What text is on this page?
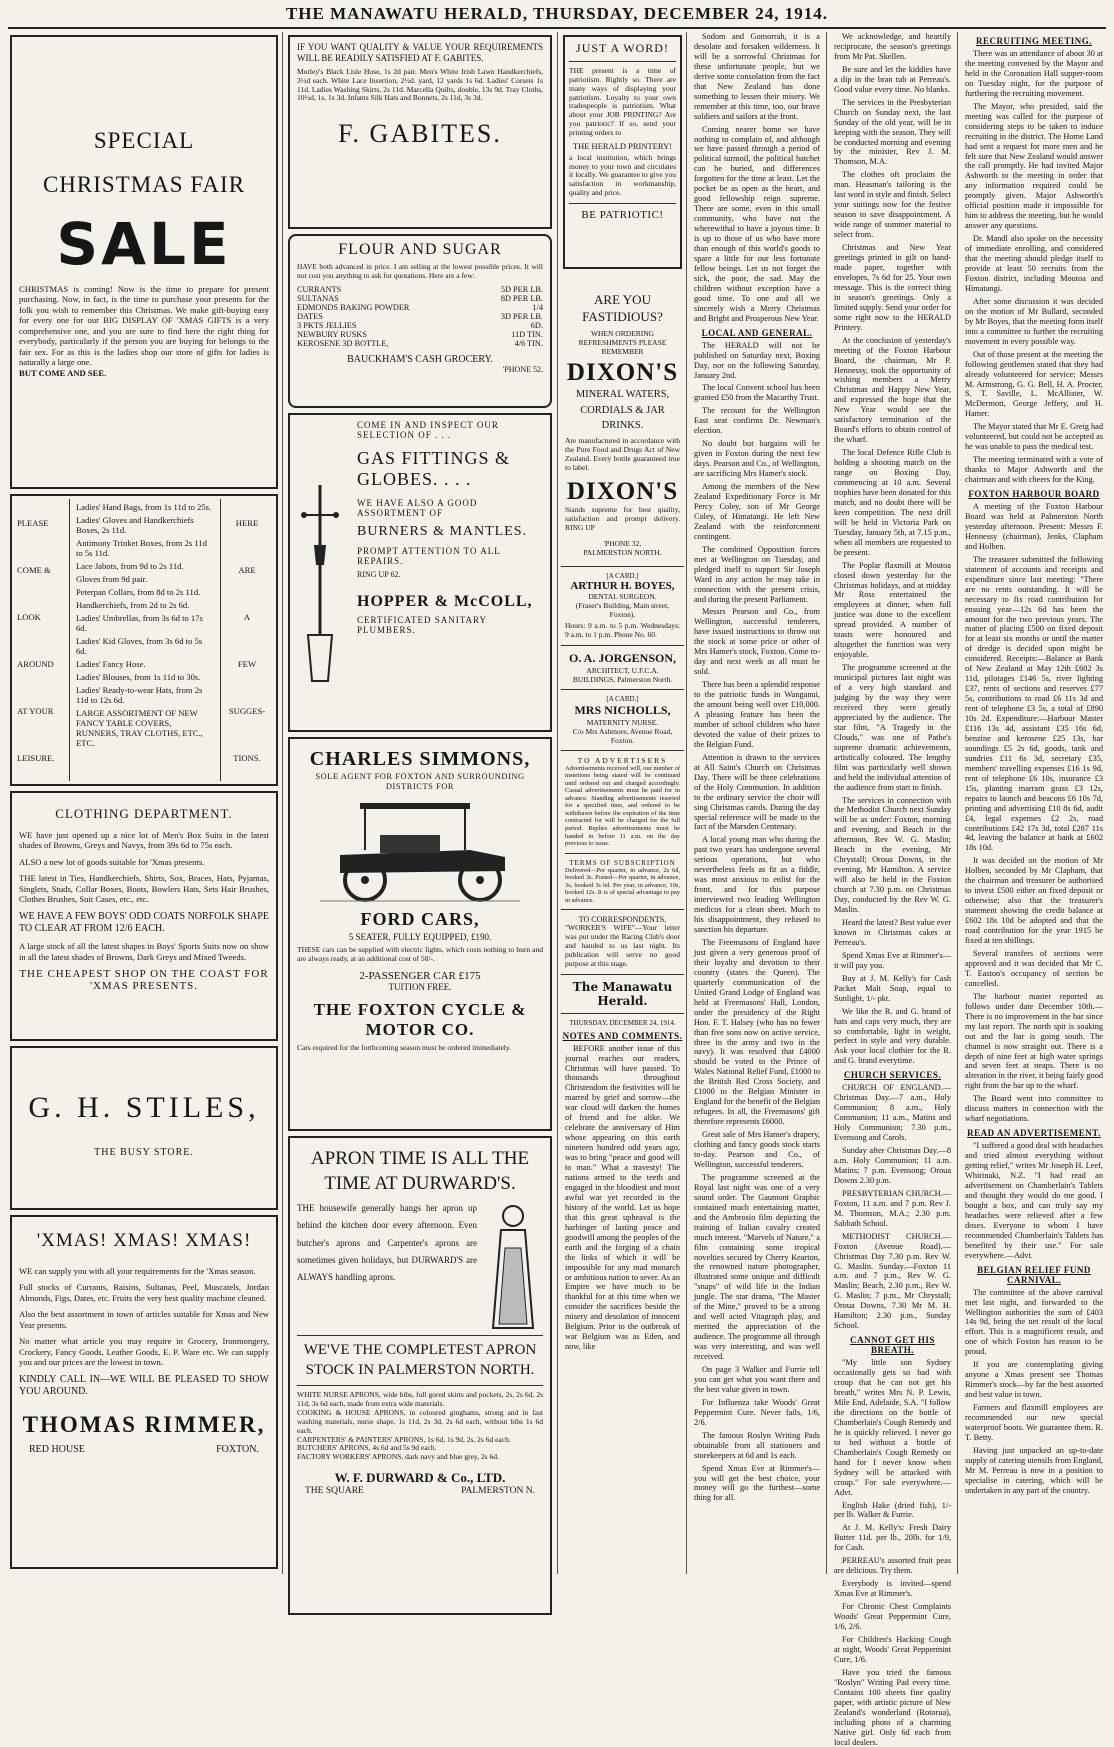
THE MANAWATU HERALD, THURSDAY, DECEMBER 24, 1914.
SPECIAL
CHRISTMAS FAIR
SALE
CHRISTMAS is coming! Now is the time to prepare for present purchasing. Now, in fact, is the time to purchase your presents for the folk you wish to remember this Christmas. We make gift-buying easy for every one for our BIG DISPLAY OF 'XMAS GIFTS is a very comprehensive one, and you are sure to find here the right thing for everybody, particularly if the person you are buying for belongs to the fair sex. For as this is the ladies shop our store of gifts for ladies is naturally a large one.
BUT COME AND SEE.
PLEASE
COME &
LOOK
AROUND
AT YOUR
LEISURE.
Ladies' Hand Bags, from 1s 11d to 25s.
Ladies' Gloves and Handkerchiefs Boxes, 2s 11d.
Antimony Trinket Boxes, from 2s 11d to 5s 11d.
Lace Jabots, from 9d to 2s 11d.
Gloves from 9d pair.
Peterpan Collars, from 8d to 2s 11d.
Handkerchiefs, from 2d to 2s 6d.
Ladies' Umbrellas, from 3s 6d to 17s 6d.
Ladies' Kid Gloves, from 3s 6d to 5s 6d.
Ladies' Fancy Hose.
Ladies' Blouses, from 1s 11d to 30s.
Ladies' Ready-to-wear Hats, from 2s 11d to 12s 6d.
LARGE ASSORTMENT OF NEW FANCY TABLE COVERS, RUNNERS, TRAY CLOTHS, ETC., ETC.
HERE
ARE
A
FEW
SUGGES-
TIONS.
CLOTHING DEPARTMENT.
WE have just opened up a nice lot of Men's Box Suits in the latest shades of Browns, Greys and Navys, from 39s 6d to 75s each.
ALSO a new lot of goods suitable for 'Xmas presents.
THE latest in Ties, Handkerchiefs, Shirts, Sox, Braces, Hats, Pyjamas, Singlets, Studs, Collar Boxes, Boots, Bowlers Hats, Sets Hair Brushes, Clothes Brushes, Suit Cases, etc., etc.
WE HAVE A FEW BOYS' ODD COATS NORFOLK SHAPE TO CLEAR AT FROM 12/6 EACH.
A large stock of all the latest shapes in Boys' Sports Suits now on show in all the latest shades of Browns, Dark Greys and Mixed Tweeds.
THE CHEAPEST SHOP ON THE COAST FOR 'XMAS PRESENTS.
G. H. STILES,
THE BUSY STORE.
'XMAS! XMAS! XMAS!
WE can supply you with all your requirements for the 'Xmas season.
Full stocks of Currants, Raisins, Sultanas, Peel, Muscatels, Jordan Almonds, Figs, Dates, etc. Fruits the very best quality machine cleaned.
Also the best assortment in town of articles suitable for Xmas and New Year presents.
No matter what article you may require in Grocery, Ironmongery, Crockery, Fancy Goods, Leather Goods, E. P. Ware etc. We can supply you and our prices are the lowest in town.
KINDLY CALL IN—WE WILL BE PLEASED TO SHOW YOU AROUND.
THOMAS RIMMER,
RED HOUSE	FOXTON.
IF YOU WANT QUALITY & VALUE YOUR REQUIREMENTS WILL BE READILY SATISFIED AT F. GABITES.
Morley's Black Lisle Hose, 1s 2d pair. Men's White Irish Lawn Handkerchiefs, 3½d each. White Lace Insertion, 2½d. yard, 12 yards 1s 6d. Ladies' Corsets 1s 11d. Ladies Washing Skirts, 2s 11d. Marcella Quilts, double, 13s 9d. Tray Cloths, 10½d, 1s, 1s 3d. Infants Silk Hats and Bonnets, 2s 11d, 3s 3d.
F. GABITES.
FLOUR AND SUGAR
HAVE both advanced in price. I am selling at the lowest possible prices. It will not cost you anything to ask for quotations. Here are a few:
CURRANTS	5D PER LB.
SULTANAS	8D PER LB.
EDMONDS BAKING POWDER	1/4
DATES	3D PER LB.
3 PKTS JELLIES	6D.
NEWBURY RUSKS	11D TIN.
KEROSENE 3D BOTTLE,	4/6 TIN.
BAUCKHAM'S CASH GROCERY.
'PHONE 52.
COME IN AND INSPECT OUR SELECTION OF . . .
GAS FITTINGS & GLOBES. . . .
WE HAVE ALSO A GOOD ASSORTMENT OF
BURNERS & MANTLES.
PROMPT ATTENTION TO ALL REPAIRS.
RING UP 62.
HOPPER & McCOLL,
CERTIFICATED SANITARY PLUMBERS.
CHARLES SIMMONS,
SOLE AGENT FOR FOXTON AND SURROUNDING DISTRICTS FOR
FORD CARS,
5 SEATER, FULLY EQUIPPED, £190.
THESE cars can be supplied with electric lights, which costs nothing to burn and are always ready, at an additional cost of 50/-.
2-PASSENGER CAR £175
TUITION FREE.
THE FOXTON CYCLE & MOTOR CO.
Cars required for the forthcoming season must be ordered immediately.
APRON TIME IS ALL THE TIME AT DURWARD'S.
THE housewife generally hangs her apron up behind the kitchen door every afternoon. Even butcher's aprons and Carpenter's aprons are sometimes given holidays, but DURWARD'S are ALWAYS handling aprons.
WE'VE THE COMPLETEST APRON STOCK IN PALMERSTON NORTH.
WHITE NURSE APRONS, wide bibs, full gored skirts and pockets, 2s, 2s 6d, 2s 11d, 3s 6d each, made from extra wide materials.
COOKING & HOUSE APRONS, in coloured ginghams, strong and in fast washing materials, nurse shape, 1s 11d, 2s 3d, 2s 6d each, without bibs 1s 6d each.
CARPENTERS' & PAINTERS' APRONS, 1s 6d, 1s 9d, 2s, 2s 6d each.
BUTCHERS' APRONS, 4s 6d and 5s 9d each.
FACTORY WORKERS' APRONS, dark navy and blue grey, 2s 6d.
W. F. DURWARD & Co., LTD.
THE SQUARE	PALMERSTON N.
JUST A WORD!
THE present is a time of patriotism. Rightly so. There are many ways of displaying your patriotism. Loyalty to your own tradespeople is patriotism. What about your JOB PRINTING? Are you patriotic? If so, send your printing orders to
THE HERALD PRINTERY!
a local institution, which brings money to your town and circulates it locally. We guarantee to give you satisfaction in workmanship, quality and price.
BE PATRIOTIC!
ARE YOU FASTIDIOUS?
WHEN ORDERING REFRESHMENTS PLEASE REMEMBER
DIXON'S
MINERAL WATERS, CORDIALS & JAR DRINKS.
Are manufactured in accordance with the Pure Food and Drugs Act of New Zealand. Every bottle guaranteed true to label.
DIXON'S
Stands supreme for best quality, satisfaction and prompt delivery. RING UP
'PHONE 32,
PALMERSTON NORTH.
[A CARD.]
ARTHUR H. BOYES,
DENTAL SURGEON.
(Fraser's Building, Main street, Foxton).
Hours: 9 a.m. to 5 p.m. Wednesdays: 9 a.m. to 1 p.m. Phone No. 60.
O. A. JORGENSON,
ARCHITECT, U.F.C.A. BUILDINGS, Palmerston North.
[A CARD.]
MRS NICHOLLS,
MATERNITY NURSE.
C/o Mrs Ashmore, Avenue Road, Foxton.
TO ADVERTISERS
Advertisements received will, our number of insertions being stated will be continued until ordered out and charged accordingly. Casual advertisements must be paid for in advance. Standing advertisements inserted for a specified time, and ordered to be withdrawn before the expiration of the time contracted for will be charged for the full period. Replies advertisements must be handed in before 11 a.m. on the day previous to issue.
TERMS OF SUBSCRIPTION
Delivered—Per quarter, in advance, 2s 6d, booked 3s. Posted—Per quarter, in advance, 3s, booked 3s 6d. Per year, in advance, 10s, booked 12s. It is of special advantage to pay in advance.
TO CORRESPONDENTS.
"WORKER'S WIFE"—Your letter was put under the Racing Club's door and handed to us last night. Its publication will serve no good purpose at this stage.
The Manawatu Herald.
THURSDAY, DECEMBER 24, 1914.
NOTES AND COMMENTS.

BEFORE another issue of this journal reaches our readers, Christmas will have passed. To thousands throughout Christendom the festivities will be marred by grief and sorrow—the war cloud will darken the homes of friend and foe alike. We celebrate the anniversary of Him whose appearing on this earth nineteen hundred odd years ago, was to bring "peace and good will to man." What a travesty! The nations armed to the teeth and engaged in the bloodiest and most awful war yet recorded in the history of the world. Let us hope that this great upheaval is the harbinger of lasting peace and goodwill among the peoples of the earth and the forging of a chain the links of which it will be impossible for any mad monarch or ambitious nation to sever. As an Empire we have much to be thankful for at this time when we consider the sacrifices beside the misery and desolation of innocent Belgium. Prior to the outbreak of war Belgium was as Eden, and now, like

Sodom and Gomorrah, it is a desolate and forsaken wilderness. It will be a sorrowful Christmas for these unfortunate people, but we derive some consolation from the fact that New Zealand has done something to lessen their misery. We remember at this time, too, our brave soldiers and sailors at the front.

Coming nearer home we have nothing to complain of, and although we have passed through a period of political turmoil, the political hatchet can be buried, and differences forgotten for the time at least. Let the pocket be as open as the heart, and good fellowship reign supreme. There are some, even in this small community, who have not the wherewithal to have a joyous time. It is up to those of us who have more than enough of this world's goods to spare a little for our less fortunate fellow beings. Let us not forget the sick, the poor, the sad. May the children without exception have a good time. To one and all we sincerely wish a Merry Christmas and Bright and Prosperous New Year.

LOCAL AND GENERAL.

The HERALD will not be published on Saturday next, Boxing Day, nor on the following Saturday, January 2nd.

The local Convent school has been granted £50 from the Macarthy Trust.

The recount for the Wellington East seat confirms Dr. Newman's election.

No doubt but bargains will be given in Foxton during the next few days. Pearson and Co., of Wellington, are sacrificing Mrs Hamer's stock.

Among the members of the New Zealand Expeditionary Force is Mr Percy Coley, son of Mr George Coley, of Himatangi. He left New Zealand with the reinforcement contingent.

The combined Opposition forces met at Wellington on Tuesday, and pledged itself to support Sir Joseph Ward in any action he may take in connection with the present crisis, and during the present Parliament.

Messrs Pearson and Co., from Wellington, successful tenderers, have issued instructions to throw out the stock at some price or other of Mrs Hamer's stock, Foxton. Come to-day and next week as all must be sold.

There has been a splendid response to the patriotic funds in Wanganui, the amount being well over £10,000. A pleasing feature has been the number of school children who have devoted the value of their prizes to the Belgian Fund.

Attention is drawn to the services at All Saint's Church on Christmas Day. There will be three celebrations of the Holy Communion. In addition to the ordinary service the choir will sing Christmas carols. During the day special reference will be made to the fact of the Marsden Centenary.

A local young man who during the past two years has undergone several serious operations, but who nevertheless feels as fit as a fiddle, was most anxious to enlist for the front, and for this purpose interviewed two leading Wellington medicos for a clean sheet. Much to his disappointment, they refused to sanction his departure.

The Freemasons of England have just given a very generous proof of their loyalty and devotion to their country (states the Queen). The quarterly communication of the United Grand Lodge of England was held at Freemasons' Hall, London, under the presidency of the Right Hon. F. T. Halsey (who has no fewer than five sons now on active service, three in the army and two in the navy). It was resolved that £4000 should be voted to the Prince of Wales National Relief Fund, £1000 to the British Red Cross Society, and £1000 to the Belgian Minister in England for the benefit of the Belgian refugees. In all, the Freemasons' gift therefore represents £6000.

Great sale of Mrs Hamer's drapery, clothing and fancy goods stock starts to-day. Pearson and Co., of Wellington, successful tenderers.

The programme screened at the Royal last night was one of a very sound order. The Gaumont Graphic contained much entertaining matter, and the Ambrosio film depicting the training of Italian cavalry created much interest. "Marvels of Nature," a film containing some tropical novelties secured by Cherry Kearton, the renowned nature photographer, illustrated some unique and difficult "snaps" of wild life in the Indian jungle. The star drama, "The Master of the Mine," proved to be a strong and well acted Vitagraph play, and merited the appreciation of the audience. The programme all through was very interesting, and was well received.

On page 3 Walker and Furrie tell you can get what you want there and the best value given in town.

For Influenza take Woods' Great Peppermint Cure. Never fails, 1/6, 2/6.

The famous Roslyn Writing Pads obtainable from all stationers and storekeepers at 6d and 1s each.

Spend Xmas Eve at Rimmer's—you will get the best choice, your money will go the furthest—some thing for all.

We acknowledge, and heartily reciprocate, the season's greetings from Mr Pat. Skellen.

Be sure and let the kiddies have a dip in the bran tub at Perreau's. Good value every time. No blanks.

The services in the Presbyterian Church on Sunday next, the last Sunday of the old year, will be in keeping with the season. They will be conducted morning and evening by the minister, Rev J. M. Thomson, M.A.

The clothes oft proclaim the man. Heasman's tailoring is the last word in style and finish. Select your suitings now for the festive season to save disappointment. A wide range of summer material to select from.

Christmas and New Year greetings printed in gilt on hand-made paper, together with envelopes, 7s 6d for 25. Your own message. This is the correct thing in season's greetings. Only a limited supply. Send your order for some right now to the HERALD Printery.

At the conclusion of yesterday's meeting of the Foxton Harbour Board, the chairman, Mr P. Hennessy, took the opportunity of wishing members a Merry Christmas and Happy New Year, and expressed the hope that the New Year would see the satisfactory termination of the Board's efforts to obtain control of the wharf.

The local Defence Rifle Club is holding a shooting match on the range on Boxing Day, commencing at 10 a.m. Several trophies have been donated for this match, and no doubt there will be keen competition. The next drill will be held in Victoria Park on Tuesday, January 5th, at 7.15 p.m., when all members are requested to be present.

The Poplar flaxmill at Moutoa closed down yesterday for the Christmas holidays, and at midday Mr Ross entertained the employees at dinner, when full justice was done to the excellent spread provided. A number of toasts were honoured and altogether the function was very enjoyable.

The programme screened at the municipal pictures last night was of a very high standard and judging by the way they were received they were greatly appreciated by the audience. The star film, "A Tragedy in the Clouds," was one of Pathe's supreme dramatic achievements, artistically coloured. The lengthy film was particularly well shown and held the individual attention of the audience from start to finish.

The services in connection with the Methodist Church next Sunday will be as under: Foxton, morning and evening, and Beach in the afternoon, Rev W. G. Maslin; Beach in the evening, Mr Chrystall; Oroua Downs, in the evening, Mr Hamilton. A service will also be held in the Foxton church at 7.30 p.m. on Christmas Day, conducted by the Rev W. G. Maslin.

Heard the latest? Best value ever known in Christmas cakes at Perreau's.

Spend Xmas Eve at Rimmer's—it will pay you.

Buy at J. M. Kelly's for Cash Packet Malt Soap, equal to Sunlight, 1/- pkt.

We like the R. and G. brand of hats and caps very much, they are so comfortable, light in weight, perfect in style and very durable. Ask your local clothier for the R. and G. brand everytime.

CHURCH SERVICES.

CHURCH OF ENGLAND.—Christmas Day.—7 a.m., Holy Communion; 8 a.m., Holy Communion; 11 a.m., Matins and Holy Communion; 7.30 p.m., Evensong and Carols.

Sunday after Christmas Day.—8 a.m. Holy Communion; 11 a.m. Matins; 7 p.m. Evensong; Oroua Downs 2.30 p.m.

PRESBYTERIAN CHURCH.—Foxton, 11 a.m. and 7 p.m. Rev J. M. Thomson, M.A.; 2.30 p.m. Sabbath School.

METHODIST CHURCH.—Foxton (Avenue Road).—Christmas Day 7.30 p.m. Rev W. G. Maslin. Sunday.—Foxton 11 a.m. and 7 p.m., Rev W. G. Maslin; Beach, 2.30 p.m., Rev W. G. Maslin; 7 p.m., Mr Chrystall; Oroua Downs, 7.30 Mr M. H. Hamilton; 2.30 p.m., Sunday School.

CANNOT GET HIS BREATH.

"My little son Sydney occasionally gets so bad with croup that he can not get his breath," writes Mrs N. P. Lewis, Mile End, Adelaide, S.A. "I follow the directions on the bottle of Chamberlain's Cough Remedy and he is quickly relieved. I never go to bed without a bottle of Chamberlain's Cough Remedy on hand for I never know when Sydney will be attacked with croup." For sale everywhere.—Advt.

English Hake (dried fish), 1/- per lb. Walker & Furrie.

At J. M. Kelly's: Fresh Dairy Butter 11d. per lb., 20lb. for 1/9, for Cash.

PERREAU's assorted fruit peas are delicious. Try them.

Everybody is invited—spend Xmas Eve at Rimmer's.

For Chronic Chest Complaints Woods' Great Peppermint Cure, 1/6, 2/6.

For Children's Hacking Cough at night, Woods' Great Peppermint Cure, 1/6.

Have you tried the famous "Roslyn" Writing Pad every time. Contains 100 sheets fine quality paper, with artistic picture of New Zealand's wonderland (Rotorua), including photo of a charming Native girl. Only 6d each from local dealers.

RECRUITING MEETING.

There was an attendance of about 30 at the meeting convened by the Mayor and held in the Coronation Hall supper-room on Tuesday night, for the purpose of furthering the recruiting movement.

The Mayor, who presided, said the meeting was called for the purpose of considering steps to be taken to induce recruiting in the district. The Home Land had sent a request for more men and he felt sure that New Zealand would answer the call promptly. He had invited Major Ashworth to the meeting in order that any information required could be promptly given. Major Ashworth's official position made it impossible for him to address the meeting, but he would answer any questions.

Dr. Mandl also spoke on the necessity of immediate enrolling, and considered that the meeting should pledge itself to provide at least 50 recruits from the Foxton district, including Moutoa and Himatangi.

After some discussion it was decided on the motion of Mr Bullard, seconded by Mr Boyes, that the meeting form itself into a committee to further the recruiting movement in every possible way.

Out of those present at the meeting the following gentlemen stated that they had already volunteered for service: Messrs M. Armstrong, G. G. Bell, H. A. Procter, S. T. Saville, L. McAllister, W. McDermott, George Jeffery, and H. Hamer.

The Mayor stated that Mr E. Greig had volunteered, but could not be accepted as he was unable to pass the medical test.

The meeting terminated with a vote of thanks to Major Ashworth and the chairman and with cheers for the King.

FOXTON HARBOUR BOARD

A meeting of the Foxton Harbour Board was held at Palmerston North yesterday afternoon. Present: Messrs F. Hennessy (chairman), Jenks, Clapham and Holben.

The treasurer submitted the following statement of accounts and receipts and expenditure since last meeting: "There are no rents outstanding. It will be necessary to fix road contribution for ensuing year—12s 6d has been the amount for the two previous years. The matter of placing £500 on fixed deposit for at least six months or until the matter of dredge is decided upon might be considered. Receipts:—Balance at Bank of New Zealand at May 12th £602 3s 11d, pilotages £146 5s, river lighting £37, rents of sections and reserves £77 5s, contributions to road £6 11s 3d and rent of telephone £3 5s, a total of £890 10s 2d. Expenditure:—Harbour Master £116 13s 4d, assistant £35 16s 6d, benzine and kerosene £25 13s, bar soundings £5 2s 6d, goods, tank and sundries £11 6s 3d, secretary £35, members' travelling expenses £16 1s 9d, rent of telephone £6 10s, insurance £3 15s, planting marram grass £3 12s, repairs to launch and beacons £6 10s 7d, printing and advertising £10 8s 6d, audit £4, legal expenses £2 2s, road contributions £42 17s 3d, total £287 11s 4d, leaving the balance at bank at £602 18s 10d.

It was decided on the motion of Mr Holben, seconded by Mr Clapham, that the chairman and treasurer be authorised to invest £500 either on fixed deposit or otherwise; also that the treasurer's statement showing the credit balance at £602 18s 10d be adopted and that the road contribution for the year 1915 be fixed at ten shillings.

Several transfers of sections were approved and it was decided that Mr C. T. Easton's occupancy of section be cancelled.

The harbour master reported as follows under date December 10th.—There is no improvement in the bar since my last report. The north spit is soaking out and the bar is going south. The channel is now straight out. There is a depth of nine feet at high water springs and seven feet at neaps. There is no alteration in the river, it being fairly good right from the bar up to the wharf.

The Board went into committee to discuss matters in connection with the wharf negotiations.

READ AN ADVERTISEMENT.

"I suffered a good deal with headaches and tried almost everything without getting relief," writes Mr Joseph H. Leef, Whirinaki, N.Z. "I had read an advertisement on Chamberlain's Tablets and thought they would do me good. I bought a box, and can truly say my headaches were relieved after a few doses. Everyone to whom I have recommended Chamberlain's Tablets has benefited by their use." For sale everywhere.—Advt.

BELGIAN RELIEF FUND CARNIVAL.

The committee of the above carnival met last night, and forwarded to the Wellington authorities the sum of £403 14s 9d, being the net result of the local effort. This is a magnificent result, and one of which Foxton has reason to be proud.

If you are contemplating giving anyone a Xmas present see Thomas Rimmer's stock—by far the best assorted and best value in town.

Farmers and flaxmill employees are recommended our new special waterproof boots. We guarantee them. R. T. Betty.

Having just unpacked an up-to-date supply of catering utensils from England, Mr M. Perreau is now in a position to specialise in catering, which will be undertaken in any part of the country.
